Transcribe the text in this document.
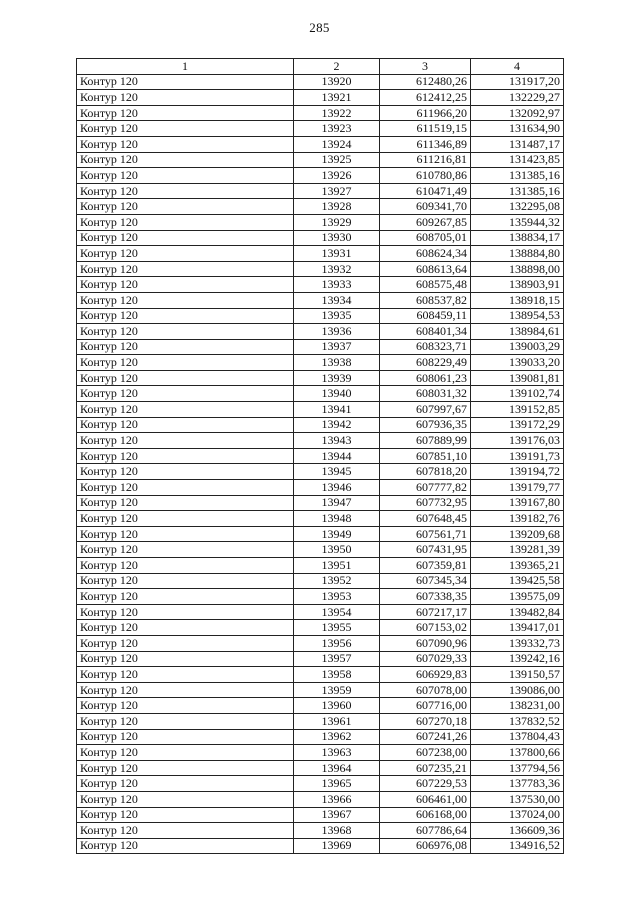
285
1	2	3	4
Контур 120	13920	612480,26	131917,20
Контур 120	13921	612412,25	132229,27
Контур 120	13922	611966,20	132092,97
Контур 120	13923	611519,15	131634,90
Контур 120	13924	611346,89	131487,17
Контур 120	13925	611216,81	131423,85
Контур 120	13926	610780,86	131385,16
Контур 120	13927	610471,49	131385,16
Контур 120	13928	609341,70	132295,08
Контур 120	13929	609267,85	135944,32
Контур 120	13930	608705,01	138834,17
Контур 120	13931	608624,34	138884,80
Контур 120	13932	608613,64	138898,00
Контур 120	13933	608575,48	138903,91
Контур 120	13934	608537,82	138918,15
Контур 120	13935	608459,11	138954,53
Контур 120	13936	608401,34	138984,61
Контур 120	13937	608323,71	139003,29
Контур 120	13938	608229,49	139033,20
Контур 120	13939	608061,23	139081,81
Контур 120	13940	608031,32	139102,74
Контур 120	13941	607997,67	139152,85
Контур 120	13942	607936,35	139172,29
Контур 120	13943	607889,99	139176,03
Контур 120	13944	607851,10	139191,73
Контур 120	13945	607818,20	139194,72
Контур 120	13946	607777,82	139179,77
Контур 120	13947	607732,95	139167,80
Контур 120	13948	607648,45	139182,76
Контур 120	13949	607561,71	139209,68
Контур 120	13950	607431,95	139281,39
Контур 120	13951	607359,81	139365,21
Контур 120	13952	607345,34	139425,58
Контур 120	13953	607338,35	139575,09
Контур 120	13954	607217,17	139482,84
Контур 120	13955	607153,02	139417,01
Контур 120	13956	607090,96	139332,73
Контур 120	13957	607029,33	139242,16
Контур 120	13958	606929,83	139150,57
Контур 120	13959	607078,00	139086,00
Контур 120	13960	607716,00	138231,00
Контур 120	13961	607270,18	137832,52
Контур 120	13962	607241,26	137804,43
Контур 120	13963	607238,00	137800,66
Контур 120	13964	607235,21	137794,56
Контур 120	13965	607229,53	137783,36
Контур 120	13966	606461,00	137530,00
Контур 120	13967	606168,00	137024,00
Контур 120	13968	607786,64	136609,36
Контур 120	13969	606976,08	134916,52
